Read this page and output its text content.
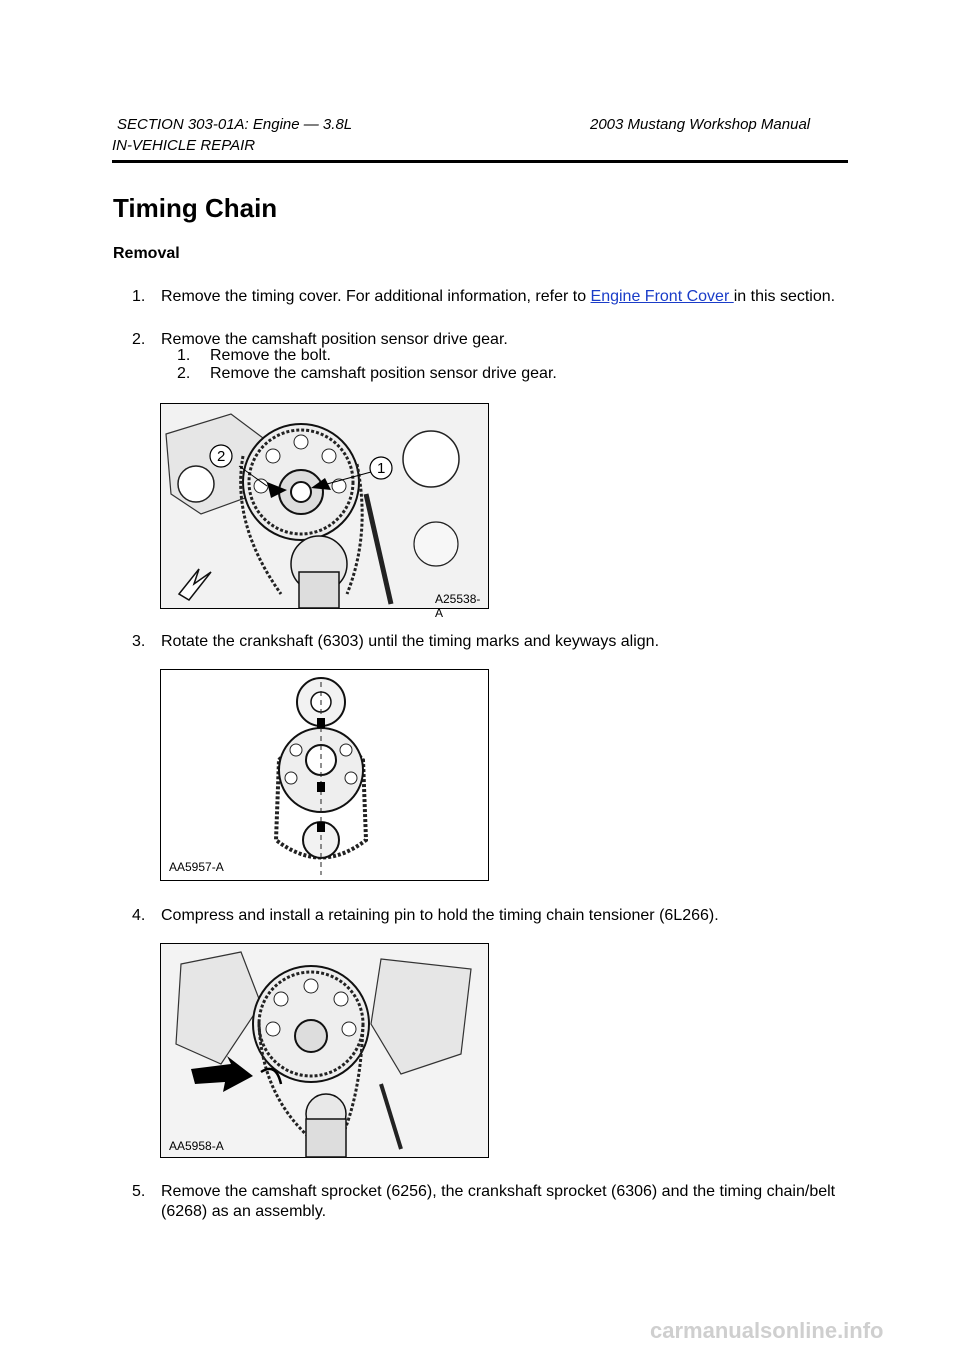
SECTION 303-01A: Engine — 3.8L	2003 Mustang Workshop Manual
IN-VEHICLE REPAIR
Timing Chain
Removal
1. Remove the timing cover. For additional information, refer to Engine Front Cover in this section.
2. Remove the camshaft position sensor drive gear.
1. Remove the bolt.
2. Remove the camshaft position sensor drive gear.
2
1
A25538-A
3. Rotate the crankshaft (6303) until the timing marks and keyways align.
AA5957-A
4. Compress and install a retaining pin to hold the timing chain tensioner (6L266).
AA5958-A
5. Remove the camshaft sprocket (6256), the crankshaft sprocket (6306) and the timing chain/belt (6268) as an assembly.
carmanualsonline.info
